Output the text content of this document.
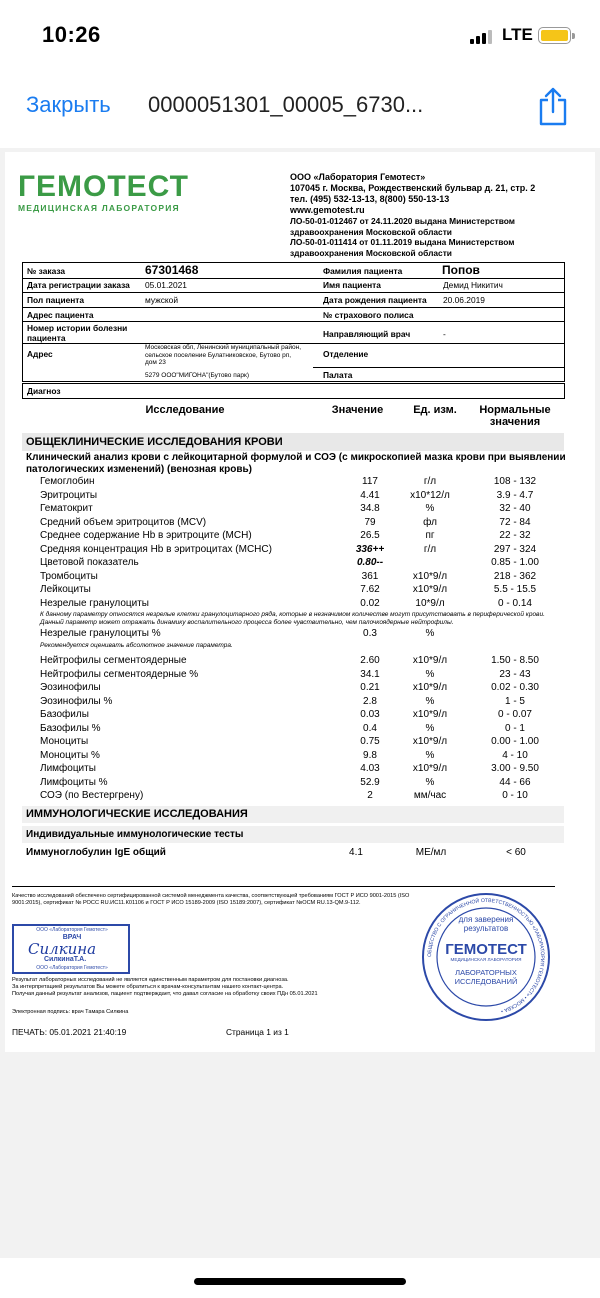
10:26	LTE
Закрыть 0000051301_00005_6730...
ГЕМОТЕСТ
МЕДИЦИНСКАЯ ЛАБОРАТОРИЯ
ООО «Лаборатория Гемотест»
107045 г. Москва, Рождественский бульвар д. 21, стр. 2
тел. (495) 532-13-13, 8(800) 550-13-13
www.gemotest.ru
ЛО-50-01-012467 от 24.11.2020 выдана Министерством
здравоохранения Московской области
ЛО-50-01-011414 от 01.11.2019 выдана Министерством
здравоохранения Московской области
№ заказа	67301468
Дата регистрации заказа 05.01.2021
Пол пациента	мужской
Адрес пациента
Номер истории болезни
пациента
Адрес
Московская обл, Ленинский муниципальный район,
сельское поселение Булатниковское, Бутово рп,
дом 23
5279 ООО"МИГОНА"(Бутово парк)
Фамилия пациента	Попов
Имя пациента	Демид Никитич
Дата рождения пациента 20.06.2019
№ страхового полиса
Направляющий врач	-
Отделение
Палата
Диагноз
Исследование	Значение	Ед. изм.	Нормальные
значения
ОБЩЕКЛИНИЧЕСКИЕ ИССЛЕДОВАНИЯ КРОВИ
Клинический анализ крови с лейкоцитарной формулой и СОЭ (с микроскопией мазка крови при выявлении патологических изменений) (венозная кровь)
Гемоглобин	117	г/л	108 - 132
Эритроциты	4.41	x10*12/л	3.9 - 4.7
Гематокрит	34.8	%	32 - 40
Средний объем эритроцитов (MCV)	79	фл	72 - 84
Среднее содержание Hb в эритроците (MCH)	26.5	пг	22 - 32
Средняя концентрация Hb в эритроцитах (MCHC)	336++	г/л	297 - 324
Цветовой показатель	0.80--	0.85 - 1.00
Тромбоциты	361	x10*9/л	218 - 362
Лейкоциты	7.62	x10*9/л	5.5 - 15.5
Незрелые гранулоциты	0.02	10*9/л	0 - 0.14
К данному параметру относятся незрелые клетки гранулоцитарного ряда, которые в незначимом количестве могут присутствовать в периферической крови. Данный параметр может отражать динамику воспалительного процесса более чувствительно, чем палочкоядерные нейтрофилы.
Незрелые гранулоциты %	0.3	%
Рекомендуется оценивать абсолютное значение параметра.
Нейтрофилы сегментоядерные	2.60	x10*9/л	1.50 - 8.50
Нейтрофилы сегментоядерные %	34.1	%	23 - 43
Эозинофилы	0.21	x10*9/л	0.02 - 0.30
Эозинофилы %	2.8	%	1 - 5
Базофилы	0.03	x10*9/л	0 - 0.07
Базофилы %	0.4	%	0 - 1
Моноциты	0.75	x10*9/л	0.00 - 1.00
Моноциты %	9.8	%	4 - 10
Лимфоциты	4.03	x10*9/л	3.00 - 9.50
Лимфоциты %	52.9	%	44 - 66
СОЭ (по Вестергрену)	2	мм/час	0 - 10
ИММУНОЛОГИЧЕСКИЕ ИССЛЕДОВАНИЯ
Индивидуальные иммунологические тесты
Иммуноглобулин IgE общий	4.1	МЕ/мл	< 60
Качество исследований обеспечено сертифицированной системой менеджмента качества, соответствующей требованиям ГОСТ Р ИСО 9001-2015 (ISO 9001:2015), сертификат № РОСС RU.ИС11.К01106 и ГОСТ Р ИСО 15189-2009 (ISO 15189:2007), сертификат №ОСМ RU.13-QM.9-112.
ООО «Лаборатория Гемотест»
ВРАЧ
Силкина
СилкинаТ.А.
ООО «Лаборатория Гемотест»
Результат лабораторных исследований не является единственным параметром для постановки диагноза.
За интерпретацией результатов Вы можете обратиться к врачам-консультантам нашего контакт-центра.
Получая данный результат анализов, пациент подтверждает, что давал согласие на обработку своих ПДн 05.01.2021
Электронная подпись: врач Тамара Силкина
ПЕЧАТЬ: 05.01.2021 21:40:19	Страница 1 из 1
ОБЩЕСТВО С ОГРАНИЧЕННОЙ ОТВЕТСТВЕННОСТЬЮ «ЛАБОРАТОРИЯ ГЕМОТЕСТ» • МОСКВА •
для заверения
результатов
ГЕМОТЕСТ
МЕДИЦИНСКАЯ ЛАБОРАТОРИЯ
ЛАБОРАТОРНЫХ
ИССЛЕДОВАНИЙ
